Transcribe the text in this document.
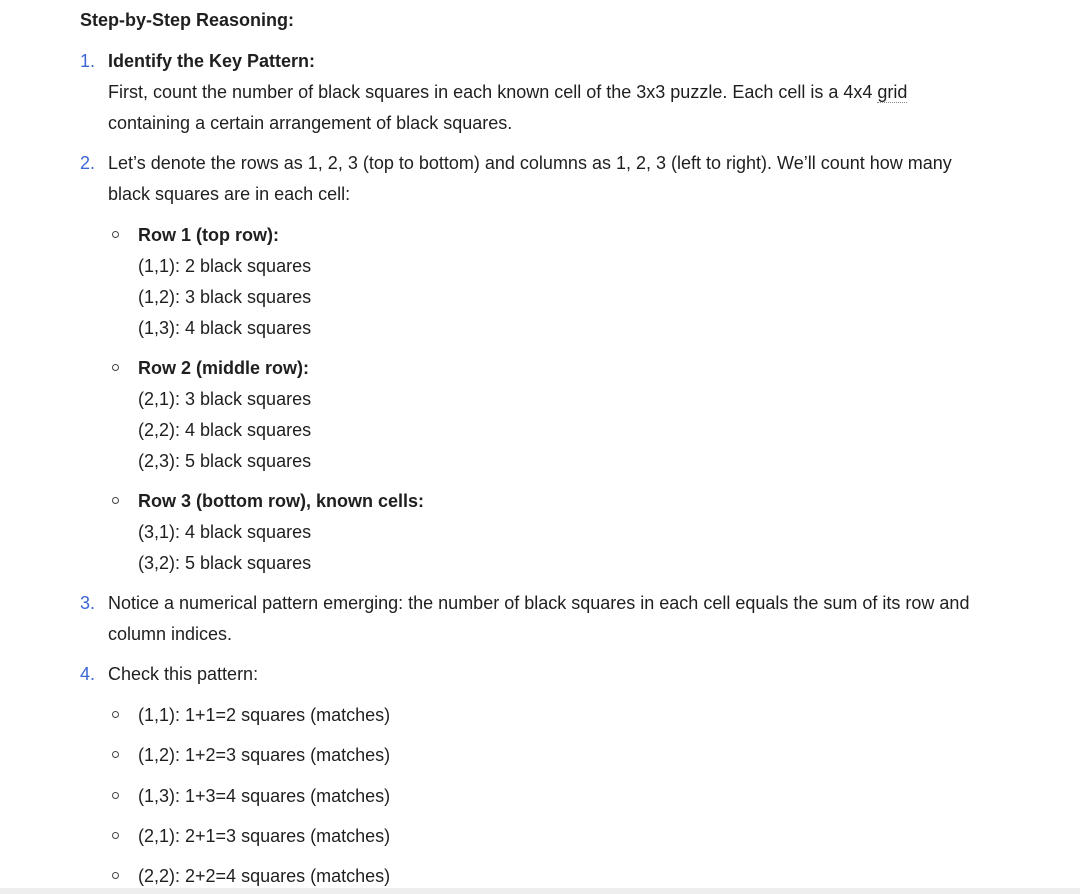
Step-by-Step Reasoning:
1. Identify the Key Pattern:
First, count the number of black squares in each known cell of the 3x3 puzzle. Each cell is a 4x4 grid
containing a certain arrangement of black squares.
2. Let’s denote the rows as 1, 2, 3 (top to bottom) and columns as 1, 2, 3 (left to right). We’ll count how many
black squares are in each cell:
Row 1 (top row):
(1,1): 2 black squares
(1,2): 3 black squares
(1,3): 4 black squares
Row 2 (middle row):
(2,1): 3 black squares
(2,2): 4 black squares
(2,3): 5 black squares
Row 3 (bottom row), known cells:
(3,1): 4 black squares
(3,2): 5 black squares
3. Notice a numerical pattern emerging: the number of black squares in each cell equals the sum of its row and
column indices.
4. Check this pattern:
(1,1): 1+1=2 squares (matches)
(1,2): 1+2=3 squares (matches)
(1,3): 1+3=4 squares (matches)
(2,1): 2+1=3 squares (matches)
(2,2): 2+2=4 squares (matches)
